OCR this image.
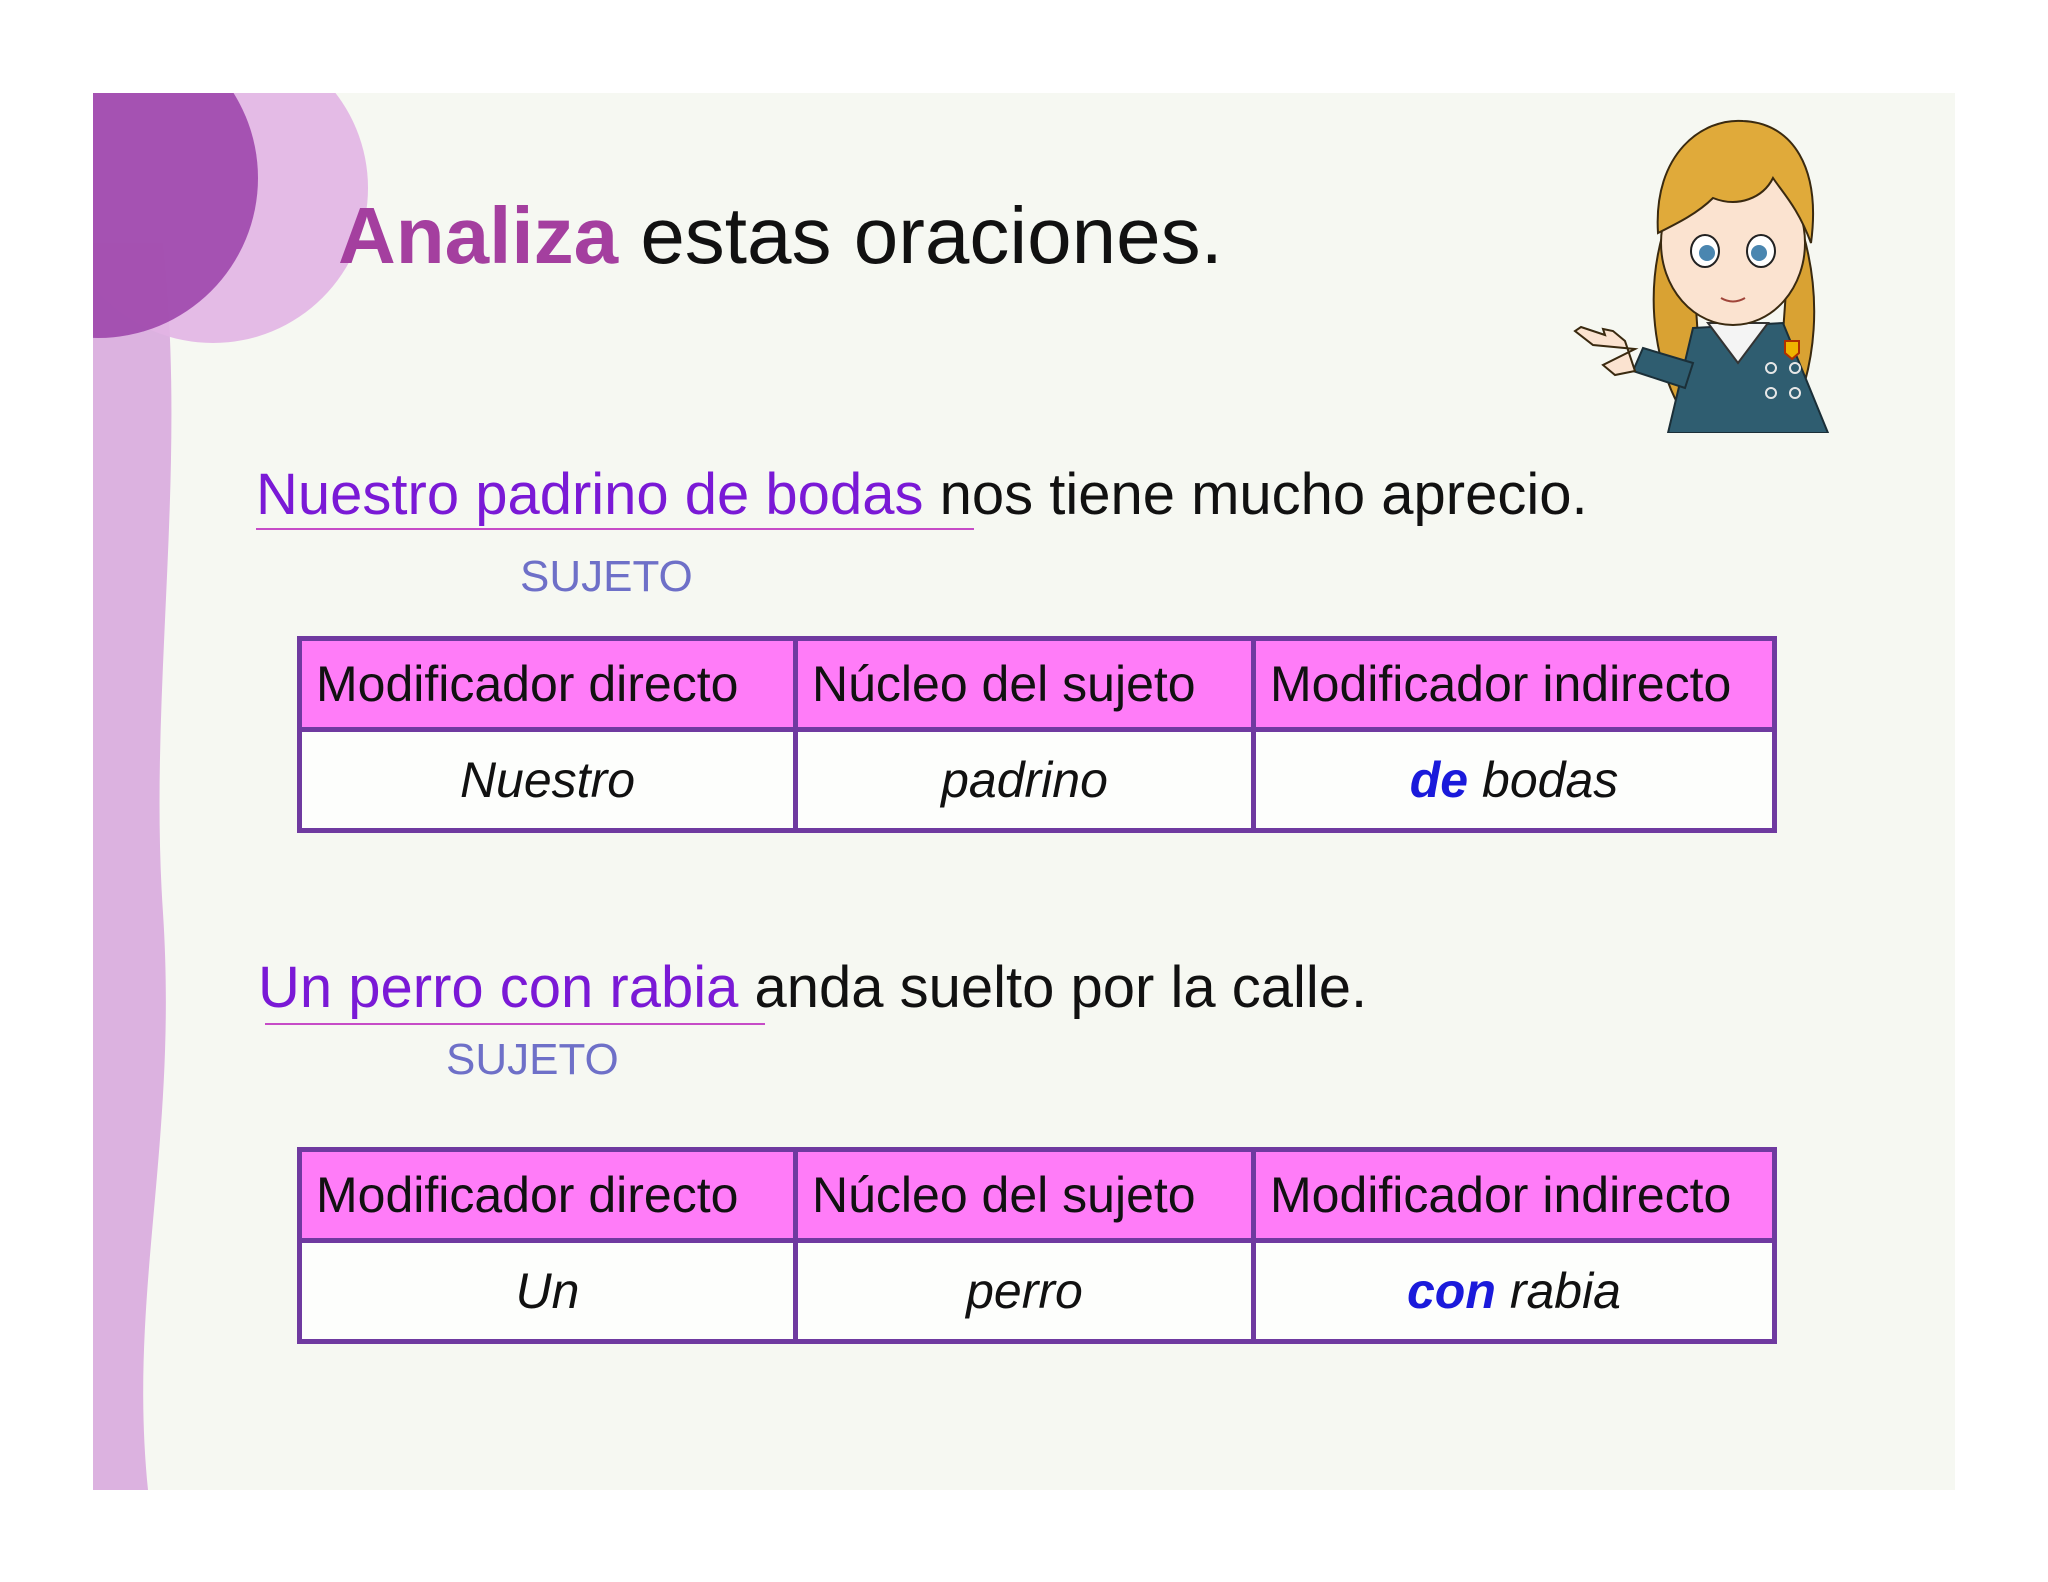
Analiza estas oraciones.
Nuestro padrino de bodas nos tiene mucho aprecio.
SUJETO
Modificador directo	Núcleo del sujeto	Modificador indirecto
Nuestro	padrino	de bodas
Un perro con rabia anda suelto por la calle.
SUJETO
Modificador directo	Núcleo del sujeto	Modificador indirecto
Un	perro	con rabia
